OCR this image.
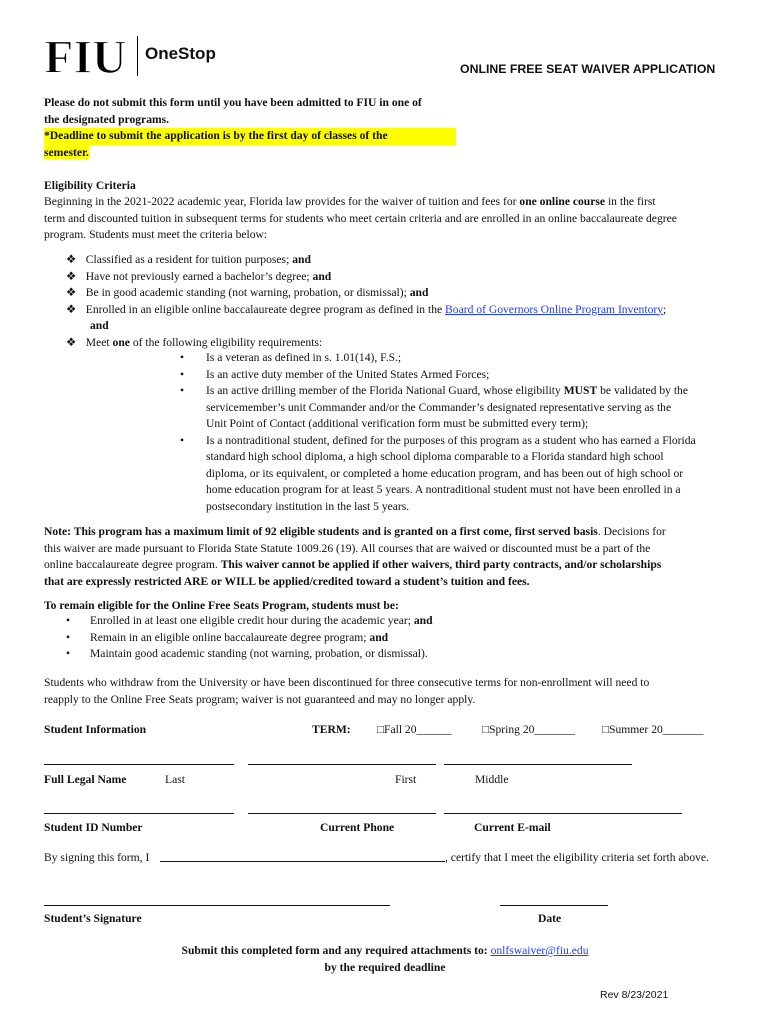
FIU OneStop
ONLINE FREE SEAT WAIVER APPLICATION
Please do not submit this form until you have been admitted to FIU in one of
the designated programs.
*Deadline to submit the application is by the first day of classes of the
semester.
Eligibility Criteria
Beginning in the 2021-2022 academic year, Florida law provides for the waiver of tuition and fees for one online course in the first
term and discounted tuition in subsequent terms for students who meet certain criteria and are enrolled in an online baccalaureate degree
program. Students must meet the criteria below:
❖ Classified as a resident for tuition purposes; and
❖ Have not previously earned a bachelor’s degree; and
❖ Be in good academic standing (not warning, probation, or dismissal); and
❖ Enrolled in an eligible online baccalaureate degree program as defined in the Board of Governors Online Program Inventory;
and
❖ Meet one of the following eligibility requirements:
•	Is a veteran as defined in s. 1.01(14), F.S.;
•	Is an active duty member of the United States Armed Forces;
•	Is an active drilling member of the Florida National Guard, whose eligibility MUST be validated by the
servicemember’s unit Commander and/or the Commander’s designated representative serving as the
Unit Point of Contact (additional verification form must be submitted every term);
•	Is a nontraditional student, defined for the purposes of this program as a student who has earned a Florida
standard high school diploma, a high school diploma comparable to a Florida standard high school
diploma, or its equivalent, or completed a home education program, and has been out of high school or
home education program for at least 5 years. A nontraditional student must not have been enrolled in a
postsecondary institution in the last 5 years.
Note: This program has a maximum limit of 92 eligible students and is granted on a first come, first served basis. Decisions for
this waiver are made pursuant to Florida State Statute 1009.26 (19). All courses that are waived or discounted must be a part of the
online baccalaureate degree program. This waiver cannot be applied if other waivers, third party contracts, and/or scholarships
that are expressly restricted ARE or WILL be applied/credited toward a student’s tuition and fees.
To remain eligible for the Online Free Seats Program, students must be:
•	Enrolled in at least one eligible credit hour during the academic year; and
•	Remain in an eligible online baccalaureate degree program; and
•	Maintain good academic standing (not warning, probation, or dismissal).
Students who withdraw from the University or have been discontinued for three consecutive terms for non-enrollment will need to
reapply to the Online Free Seats program; waiver is not guaranteed and may no longer apply.
Student Information	TERM: □Fall 20______	□Spring 20_______ □Summer 20_______
Full Legal Name	Last	First	Middle
Student ID Number	Current Phone	Current E-mail
By signing this form, I	, certify that I meet the eligibility criteria set forth above.
Student’s Signature	Date
Submit this completed form and any required attachments to: onlfswaiver@fiu.edu
by the required deadline
Rev 8/23/2021
